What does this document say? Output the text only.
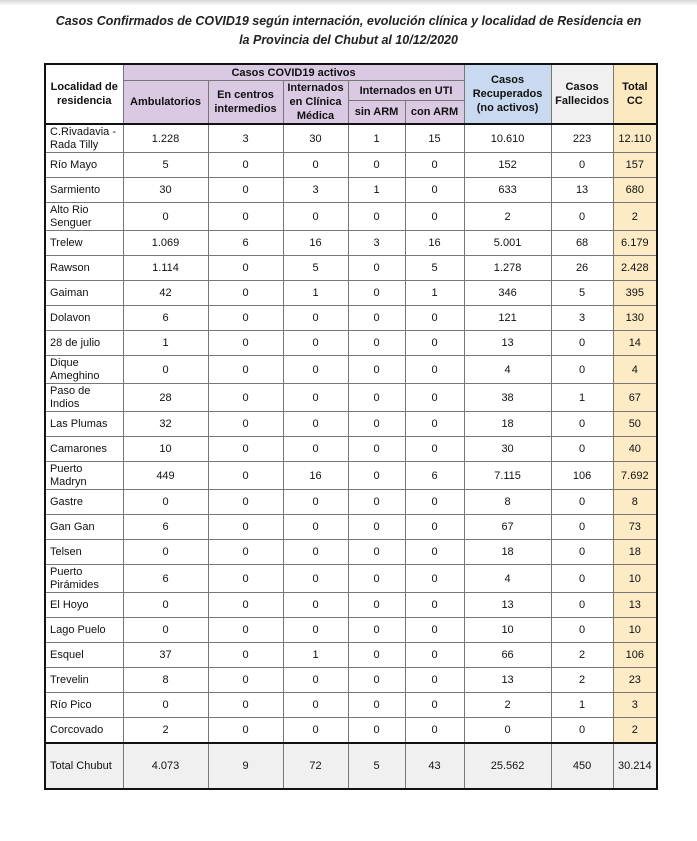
Casos Confirmados de COVID19 según internación, evolución clínica y localidad de Residencia en
la Provincia del Chubut al 10/12/2020
Localidad de residencia	Casos COVID19 activos					Casos Recuperados (no activos)	Casos Fallecidos	Total CC
	Ambulatorios	En centros intermedios	Internados en Clínica Médica	Internados en UTI				
				sin ARM	con ARM			
C.Rivadavia - Rada Tilly	1.228	3	30	1	15	10.610	223	12.110
Río Mayo	5	0	0	0	0	152	0	157
Sarmiento	30	0	3	1	0	633	13	680
Alto Rio Senguer	0	0	0	0	0	2	0	2
Trelew	1.069	6	16	3	16	5.001	68	6.179
Rawson	1.114	0	5	0	5	1.278	26	2.428
Gaiman	42	0	1	0	1	346	5	395
Dolavon	6	0	0	0	0	121	3	130
28 de julio	1	0	0	0	0	13	0	14
Dique Ameghino	0	0	0	0	0	4	0	4
Paso de Indios	28	0	0	0	0	38	1	67
Las Plumas	32	0	0	0	0	18	0	50
Camarones	10	0	0	0	0	30	0	40
Puerto Madryn	449	0	16	0	6	7.115	106	7.692
Gastre	0	0	0	0	0	8	0	8
Gan Gan	6	0	0	0	0	67	0	73
Telsen	0	0	0	0	0	18	0	18
Puerto Pirámides	6	0	0	0	0	4	0	10
El Hoyo	0	0	0	0	0	13	0	13
Lago Puelo	0	0	0	0	0	10	0	10
Esquel	37	0	1	0	0	66	2	106
Trevelin	8	0	0	0	0	13	2	23
Río Pico	0	0	0	0	0	2	1	3
Corcovado	2	0	0	0	0	0	0	2
Total Chubut	4.073	9	72	5	43	25.562	450	30.214
